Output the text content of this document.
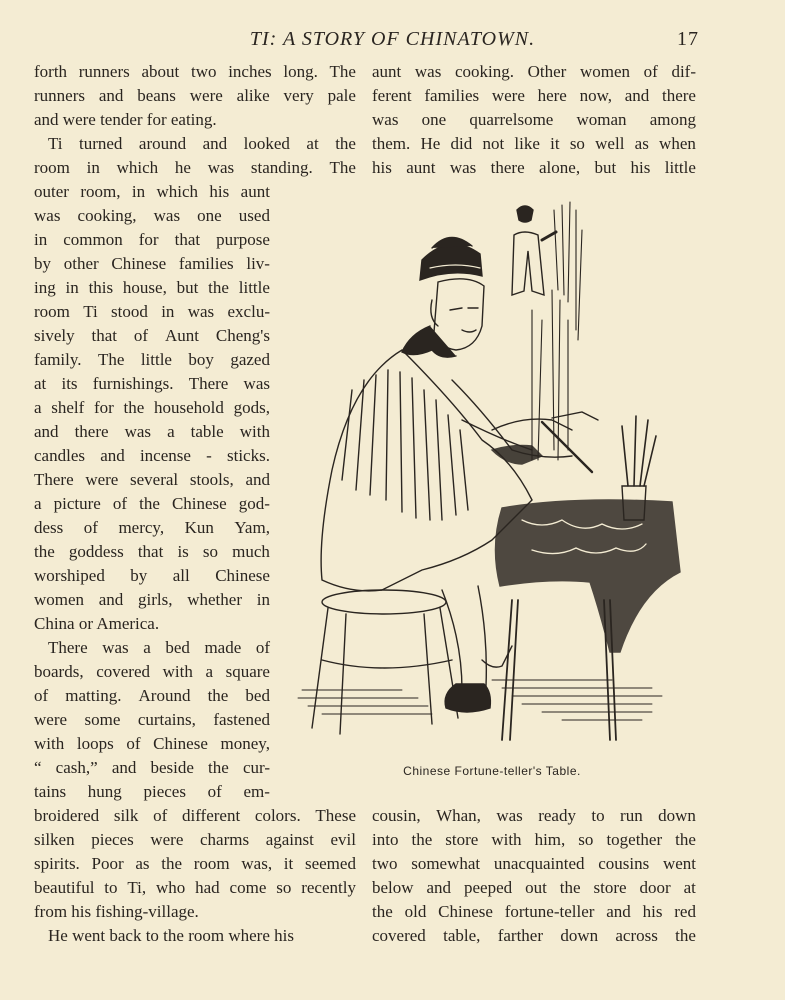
TI: A STORY OF CHINATOWN.	17
forth runners about two inches long. The
runners and beans were alike very pale
and were tender for eating.
Ti turned around and looked at the
room in which he was standing. The
aunt was cooking. Other women of dif-
ferent families were here now, and there
was one quarrelsome woman among
them. He did not like it so well as when
his aunt was there alone, but his little
outer room, in which his aunt
was cooking, was one used
in common for that purpose
by other Chinese families liv-
ing in this house, but the little
room Ti stood in was exclu-
sively that of Aunt Cheng's
family. The little boy gazed
at its furnishings. There was
a shelf for the household gods,
and there was a table with
candles and incense - sticks.
There were several stools, and
a picture of the Chinese god-
dess of mercy, Kun Yam,
the goddess that is so much
worshiped by all Chinese
women and girls, whether in
China or America.
There was a bed made of
boards, covered with a square
of matting. Around the bed
were some curtains, fastened
with loops of Chinese money,
“ cash,” and beside the cur-
tains hung pieces of em-
broidered silk of different colors. These
silken pieces were charms against evil
spirits. Poor as the room was, it seemed
beautiful to Ti, who had come so recently
from his fishing-village.
He went back to the room where his
cousin, Whan, was ready to run down
into the store with him, so together the
two somewhat unacquainted cousins went
below and peeped out the store door at
the old Chinese fortune-teller and his red
covered table, farther down across the
Chinese Fortune-teller's Table.
